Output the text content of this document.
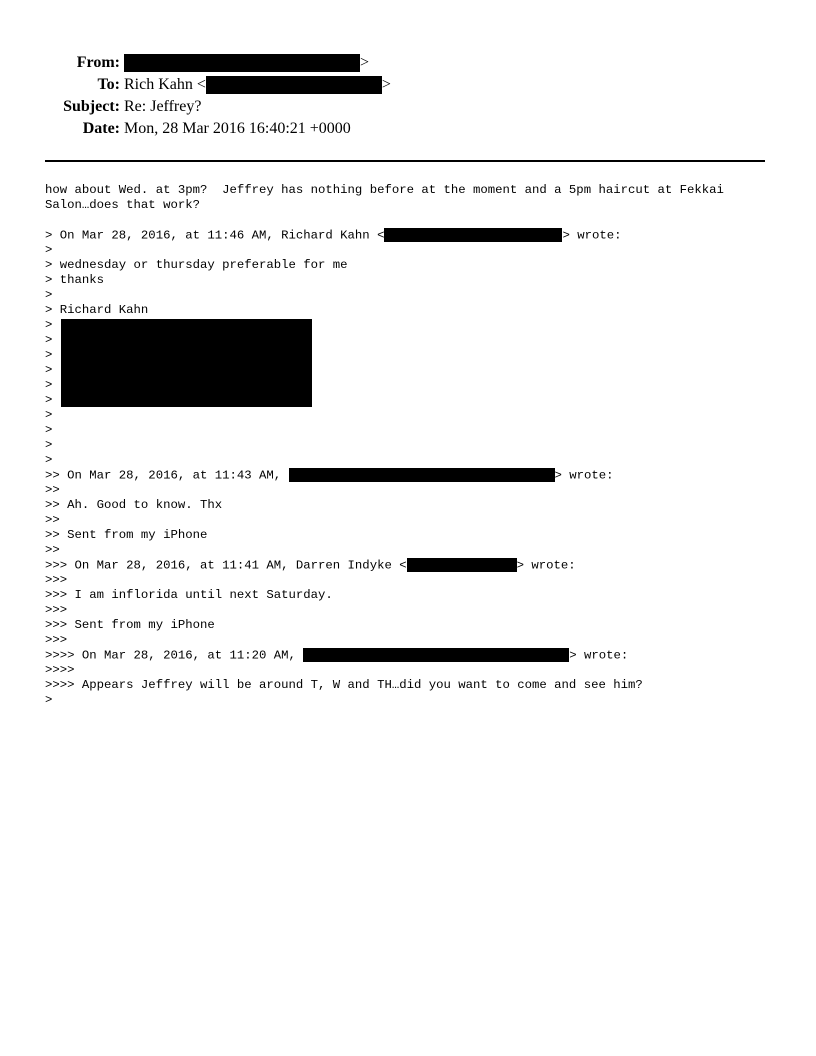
From:	>
To: Rich Kahn <	>
Subject: Re: Jeffrey?
Date: Mon, 28 Mar 2016 16:40:21 +0000
how about Wed. at 3pm?  Jeffrey has nothing before at the moment and a 5pm haircut at Fekkai
Salon…does that work?
> On Mar 28, 2016, at 11:46 AM, Richard Kahn <	> wrote:
>
> wednesday or thursday preferable for me
> thanks
>
> Richard Kahn
>
>
>
>
>
>
>
>
>
>
>> On Mar 28, 2016, at 11:43 AM,	> wrote:
>>
>> Ah. Good to know. Thx
>>
>> Sent from my iPhone
>>
>>> On Mar 28, 2016, at 11:41 AM, Darren Indyke <	> wrote:
>>>
>>> I am inflorida until next Saturday.
>>>
>>> Sent from my iPhone
>>>
>>>> On Mar 28, 2016, at 11:20 AM,	> wrote:
>>>>
>>>> Appears Jeffrey will be around T, W and TH…did you want to come and see him?
>
